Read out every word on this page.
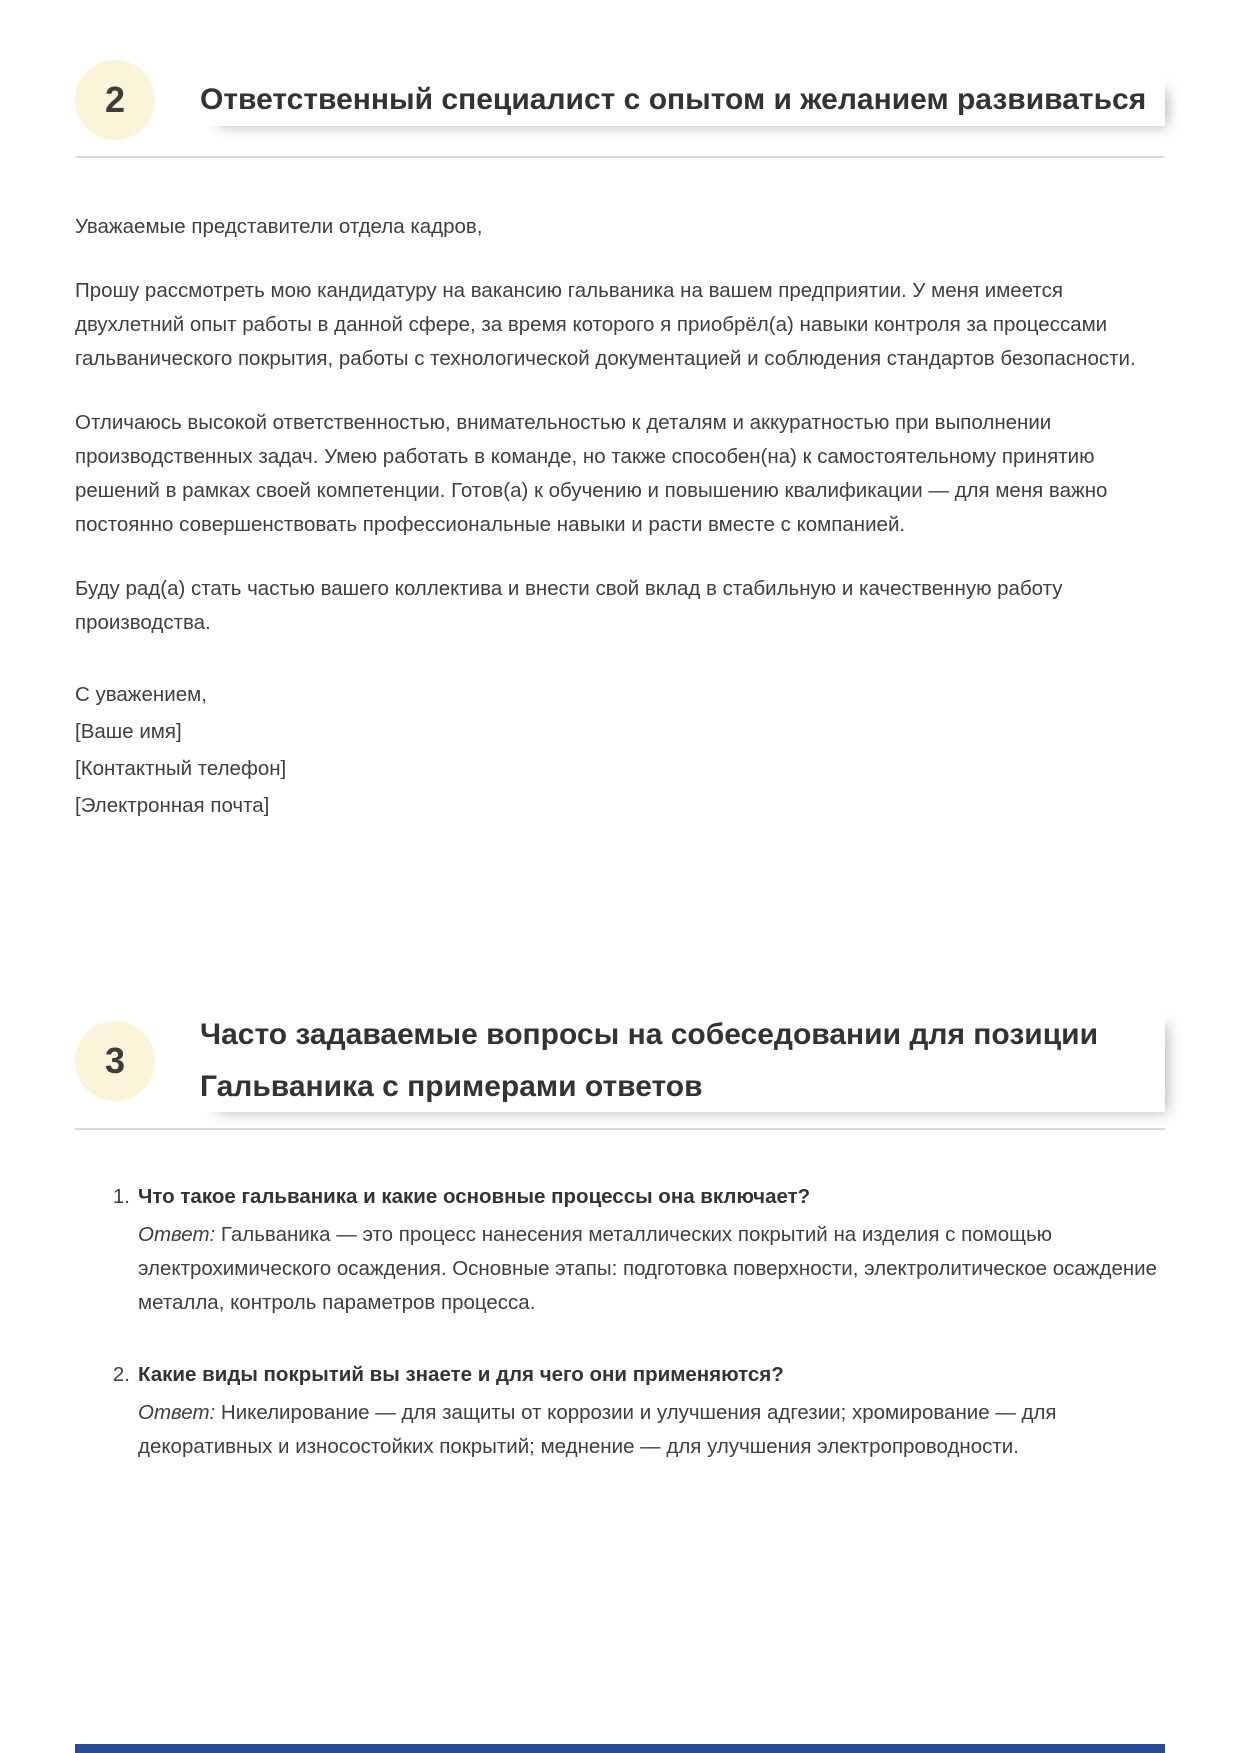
2 Ответственный специалист с опытом и желанием развиваться

Уважаемые представители отдела кадров,

Прошу рассмотреть мою кандидатуру на вакансию гальваника на вашем предприятии. У меня имеется двухлетний опыт работы в данной сфере, за время которого я приобрёл(а) навыки контроля за процессами гальванического покрытия, работы с технологической документацией и соблюдения стандартов безопасности.

Отличаюсь высокой ответственностью, внимательностью к деталям и аккуратностью при выполнении производственных задач. Умею работать в команде, но также способен(на) к самостоятельному принятию решений в рамках своей компетенции. Готов(а) к обучению и повышению квалификации — для меня важно постоянно совершенствовать профессиональные навыки и расти вместе с компанией.

Буду рад(а) стать частью вашего коллектива и внести свой вклад в стабильную и качественную работу производства.

С уважением,

[Ваше имя]

[Контактный телефон]

[Электронная почта]

3
Часто задаваемые вопросы на собеседовании для позиции Гальваника с примерами ответов
1. Что такое гальваника и какие основные процессы она включает?

Ответ: Гальваника — это процесс нанесения металлических покрытий на изделия с помощью электрохимического осаждения. Основные этапы: подготовка поверхности, электролитическое осаждение металла, контроль параметров процесса.

2. Какие виды покрытий вы знаете и для чего они применяются?

Ответ: Никелирование — для защиты от коррозии и улучшения адгезии; хромирование — для декоративных и износостойких покрытий; меднение — для улучшения электропроводности.
